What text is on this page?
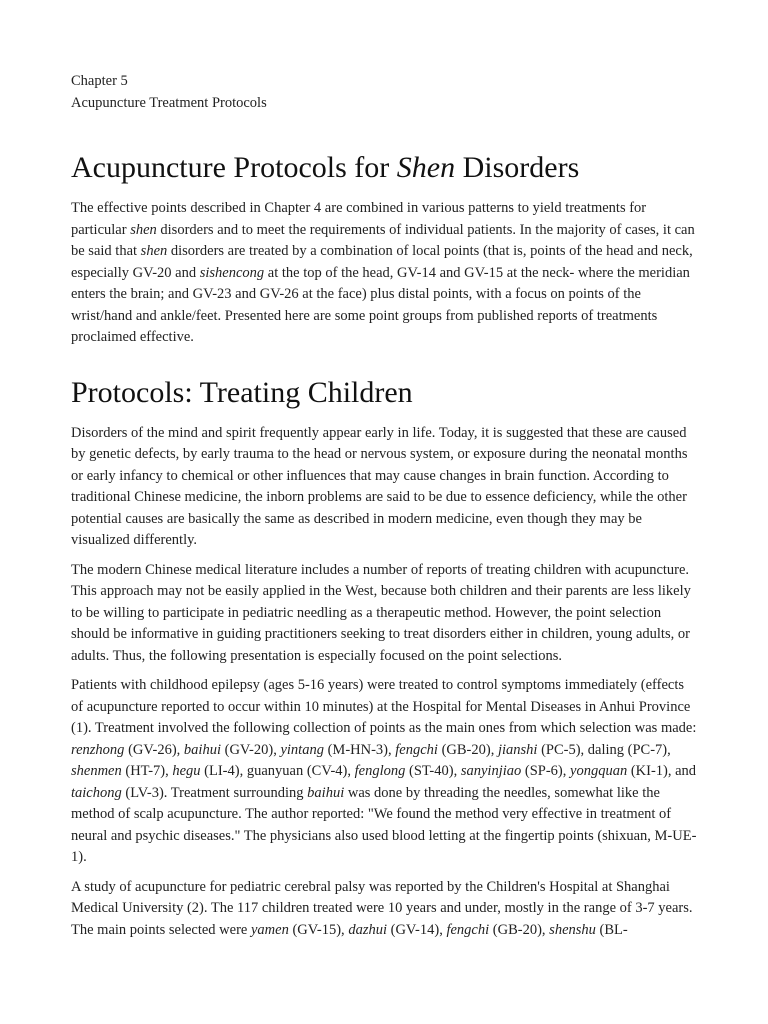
Chapter 5

Acupuncture Treatment Protocols

Acupuncture Protocols for Shen Disorders

The effective points described in Chapter 4 are combined in various patterns to yield treatments for particular shen disorders and to meet the requirements of individual patients. In the majority of cases, it can be said that shen disorders are treated by a combination of local points (that is, points of the head and neck, especially GV-20 and sishencong at the top of the head, GV-14 and GV-15 at the neck- where the meridian enters the brain; and GV-23 and GV-26 at the face) plus distal points, with a focus on points of the wrist/hand and ankle/feet. Presented here are some point groups from published reports of treatments proclaimed effective.

Protocols: Treating Children

Disorders of the mind and spirit frequently appear early in life. Today, it is suggested that these are caused by genetic defects, by early trauma to the head or nervous system, or exposure during the neonatal months or early infancy to chemical or other influences that may cause changes in brain function. According to traditional Chinese medicine, the inborn problems are said to be due to essence deficiency, while the other potential causes are basically the same as described in modern medicine, even though they may be visualized differently.

The modern Chinese medical literature includes a number of reports of treating children with acupuncture. This approach may not be easily applied in the West, because both children and their parents are less likely to be willing to participate in pediatric needling as a therapeutic method. However, the point selection should be informative in guiding practitioners seeking to treat disorders either in children, young adults, or adults. Thus, the following presentation is especially focused on the point selections.

Patients with childhood epilepsy (ages 5-16 years) were treated to control symptoms immediately (effects of acupuncture reported to occur within 10 minutes) at the Hospital for Mental Diseases in Anhui Province (1). Treatment involved the following collection of points as the main ones from which selection was made: renzhong (GV-26), baihui (GV-20), yintang (M-HN-3), fengchi (GB-20), jianshi (PC-5), daling (PC-7), shenmen (HT-7), hegu (LI-4), guanyuan (CV-4), fenglong (ST-40), sanyinjiao (SP-6), yongquan (KI-1), and taichong (LV-3). Treatment surrounding baihui was done by threading the needles, somewhat like the method of scalp acupuncture. The author reported: "We found the method very effective in treatment of neural and psychic diseases." The physicians also used blood letting at the fingertip points (shixuan, M-UE-1).

A study of acupuncture for pediatric cerebral palsy was reported by the Children's Hospital at Shanghai Medical University (2). The 117 children treated were 10 years and under, mostly in the range of 3-7 years. The main points selected were yamen (GV-15), dazhui (GV-14), fengchi (GB-20), shenshu (BL-
